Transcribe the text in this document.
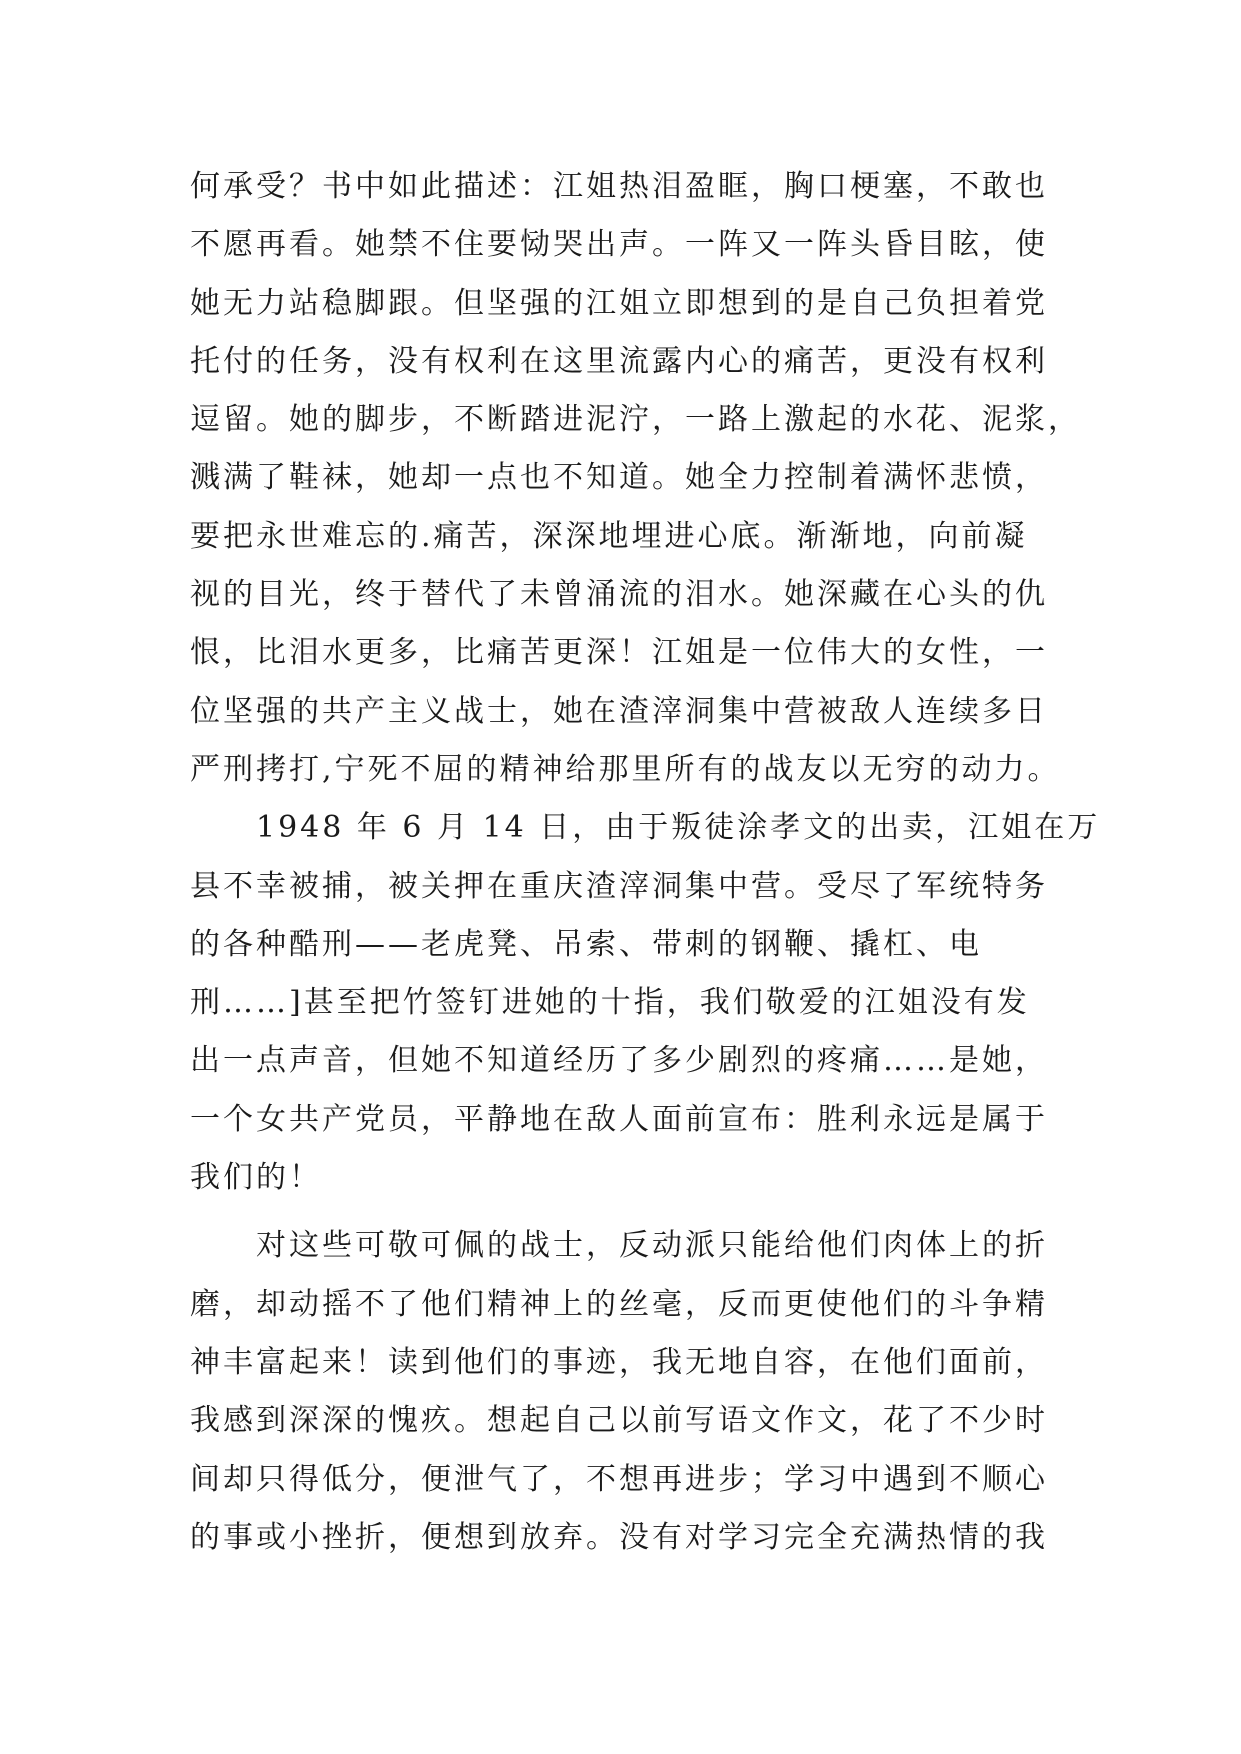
何承受？书中如此描述：江姐热泪盈眶，胸口梗塞，不敢也
不愿再看。她禁不住要恸哭出声。一阵又一阵头昏目眩，使
她无力站稳脚跟。但坚强的江姐立即想到的是自己负担着党
托付的任务，没有权利在这里流露内心的痛苦，更没有权利
逗留。她的脚步，不断踏进泥泞，一路上激起的水花、泥浆，
溅满了鞋袜，她却一点也不知道。她全力控制着满怀悲愤，
要把永世难忘的.痛苦，深深地埋进心底。渐渐地，向前凝
视的目光，终于替代了未曾涌流的泪水。她深藏在心头的仇
恨，比泪水更多，比痛苦更深！江姐是一位伟大的女性，一
位坚强的共产主义战士，她在渣滓洞集中营被敌人连续多日
严刑拷打,宁死不屈的精神给那里所有的战友以无穷的动力。
1948 年 6 月 14 日，由于叛徒涂孝文的出卖，江姐在万
县不幸被捕，被关押在重庆渣滓洞集中营。受尽了军统特务
的各种酷刑——老虎凳、吊索、带刺的钢鞭、撬杠、电
刑……]甚至把竹签钉进她的十指，我们敬爱的江姐没有发
出一点声音，但她不知道经历了多少剧烈的疼痛……是她，
一个女共产党员，平静地在敌人面前宣布：胜利永远是属于
我们的！
对这些可敬可佩的战士，反动派只能给他们肉体上的折
磨，却动摇不了他们精神上的丝毫，反而更使他们的斗争精
神丰富起来！读到他们的事迹，我无地自容，在他们面前，
我感到深深的愧疚。想起自己以前写语文作文，花了不少时
间却只得低分，便泄气了，不想再进步；学习中遇到不顺心
的事或小挫折，便想到放弃。没有对学习完全充满热情的我
